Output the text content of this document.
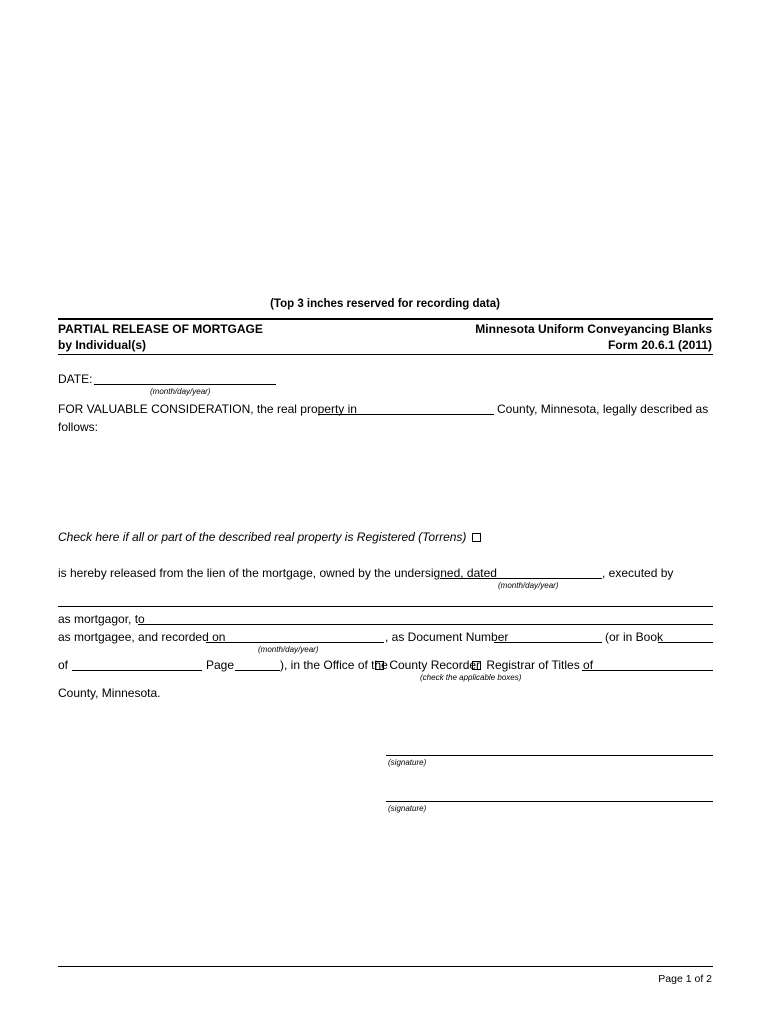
(Top 3 inches reserved for recording data)
PARTIAL RELEASE OF MORTGAGE
by Individual(s)
Minnesota Uniform Conveyancing Blanks
Form 20.6.1 (2011)
DATE:
(month/day/year)
FOR VALUABLE CONSIDERATION, the real property in	County, Minnesota, legally described as
follows:
Check here if all or part of the described real property is Registered (Torrens)
is hereby released from the lien of the mortgage, owned by the undersigned, dated	, executed by
(month/day/year)
as mortgagor, to
as mortgagee, and recorded on	, as Document Number	(or in Book
(month/day/year)
of	Page	), in the Office of the County Recorder Registrar of Titles of
(check the applicable boxes)
County, Minnesota.
(signature)
(signature)
Page 1 of 2
